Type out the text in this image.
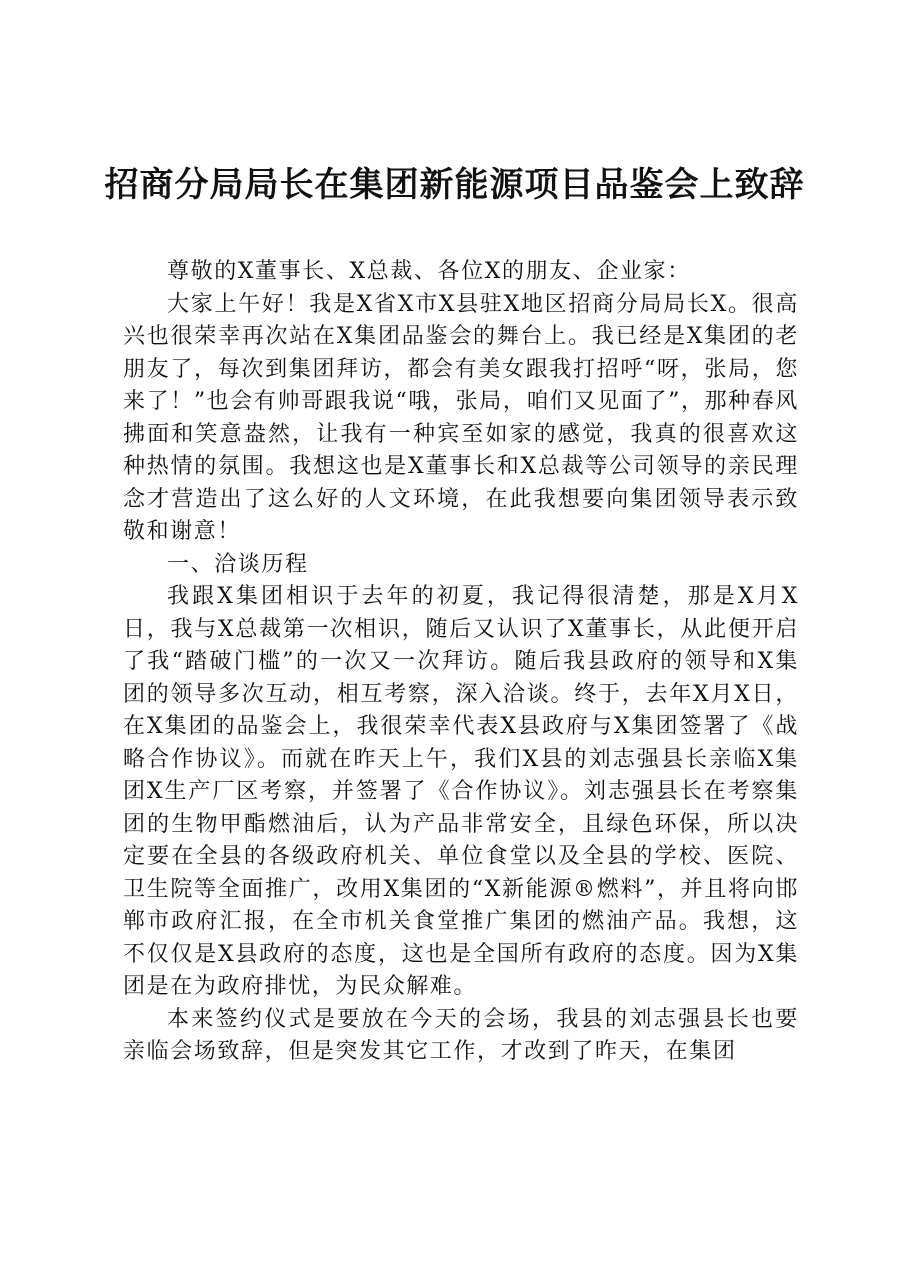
招商分局局长在集团新能源项目品鉴会上致辞

尊敬的X董事长、X总裁、各位X的朋友、企业家：

大家上午好！我是X省X市X县驻X地区招商分局局长X。很高兴也很荣幸再次站在X集团品鉴会的舞台上。我已经是X集团的老朋友了，每次到集团拜访，都会有美女跟我打招呼“呀，张局，您来了！”也会有帅哥跟我说“哦，张局，咱们又见面了”，那种春风拂面和笑意盎然，让我有一种宾至如家的感觉，我真的很喜欢这种热情的氛围。我想这也是X董事长和X总裁等公司领导的亲民理念才营造出了这么好的人文环境，在此我想要向集团领导表示致敬和谢意！

一、洽谈历程

我跟X集团相识于去年的初夏，我记得很清楚，那是X月X日，我与X总裁第一次相识，随后又认识了X董事长，从此便开启了我“踏破门槛”的一次又一次拜访。随后我县政府的领导和X集团的领导多次互动，相互考察，深入洽谈。终于，去年X月X日，在X集团的品鉴会上，我很荣幸代表X县政府与X集团签署了《战略合作协议》。而就在昨天上午，我们X县的刘志强县长亲临X集团X生产厂区考察，并签署了《合作协议》。刘志强县长在考察集团的生物甲酯燃油后，认为产品非常安全，且绿色环保，所以决定要在全县的各级政府机关、单位食堂以及全县的学校、医院、卫生院等全面推广，改用X集团的“X新能源®燃料”，并且将向邯郸市政府汇报，在全市机关食堂推广集团的燃油产品。我想，这不仅仅是X县政府的态度，这也是全国所有政府的态度。因为X集团是在为政府排忧，为民众解难。

本来签约仪式是要放在今天的会场，我县的刘志强县长也要亲临会场致辞，但是突发其它工作，才改到了昨天，在集团
